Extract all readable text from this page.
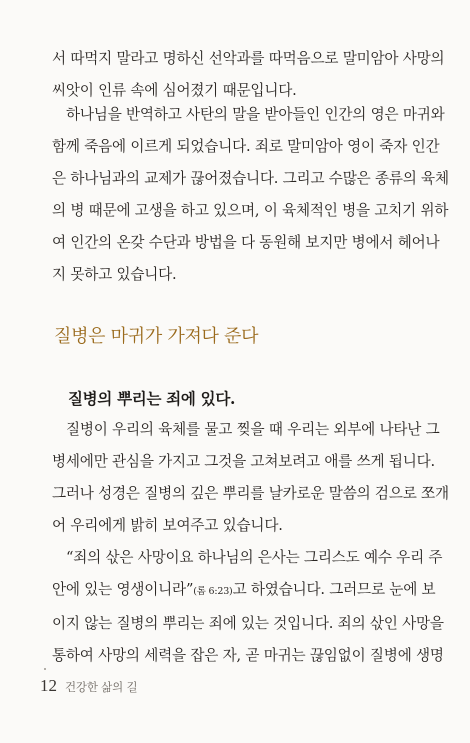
서 따먹지 말라고 명하신 선악과를 따먹음으로 말미암아 사망의
씨앗이 인류 속에 심어졌기 때문입니다.

하나님을 반역하고 사탄의 말을 받아들인 인간의 영은 마귀와
함께 죽음에 이르게 되었습니다. 죄로 말미암아 영이 죽자 인간
은 하나님과의 교제가 끊어졌습니다. 그리고 수많은 종류의 육체
의 병 때문에 고생을 하고 있으며, 이 육체적인 병을 고치기 위하
여 인간의 온갖 수단과 방법을 다 동원해 보지만 병에서 헤어나
지 못하고 있습니다.

질병은 마귀가 가져다 준다
질병의 뿌리는 죄에 있다.

질병이 우리의 육체를 물고 찢을 때 우리는 외부에 나타난 그
병세에만 관심을 가지고 그것을 고쳐보려고 애를 쓰게 됩니다.
그러나 성경은 질병의 깊은 뿌리를 날카로운 말씀의 검으로 쪼개
어 우리에게 밝히 보여주고 있습니다.

“죄의 삯은 사망이요 하나님의 은사는 그리스도 예수 우리 주
안에 있는 영생이니라”(롬 6:23)고 하였습니다. 그러므로 눈에 보
이지 않는 질병의 뿌리는 죄에 있는 것입니다. 죄의 삯인 사망을
통하여 사망의 세력을 잡은 자, 곧 마귀는 끊임없이 질병에 생명

12 건강한 삶의 길
